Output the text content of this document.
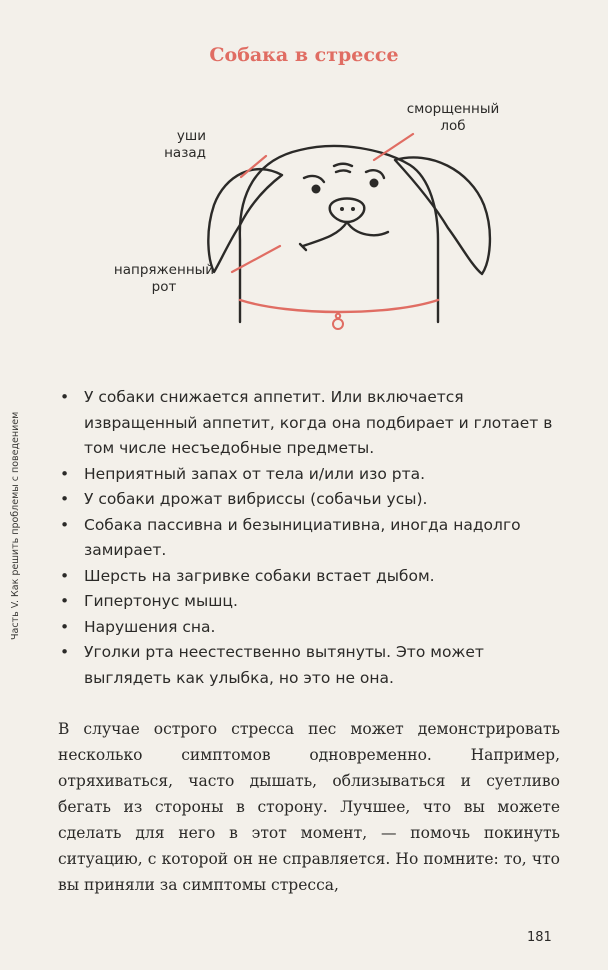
Собака в стрессе
Часть V. Как решить проблемы с поведением
уши назад
сморщенный лоб
напряженный рот
• У собаки снижается аппетит. Или включается извращенный аппетит, когда она подбирает и глотает в том числе несъедобные предметы.
• Неприятный запах от тела и/или изо рта.
• У собаки дрожат вибриссы (собачьи усы).
• Собака пассивна и безынициативна, иногда надолго замирает.
• Шерсть на загривке собаки встает дыбом.
• Гипертонус мышц.
• Нарушения сна.
• Уголки рта неестественно вытянуты. Это может выглядеть как улыбка, но это не она.

В случае острого стресса пес может демонстрировать несколько симптомов одновременно. Например, отряхиваться, часто дышать, облизываться и суетливо бегать из стороны в сторону. Лучшее, что вы можете сделать для него в этот момент, — помочь покинуть ситуацию, с которой он не справляется. Но помните: то, что вы приняли за симптомы стресса,

181
